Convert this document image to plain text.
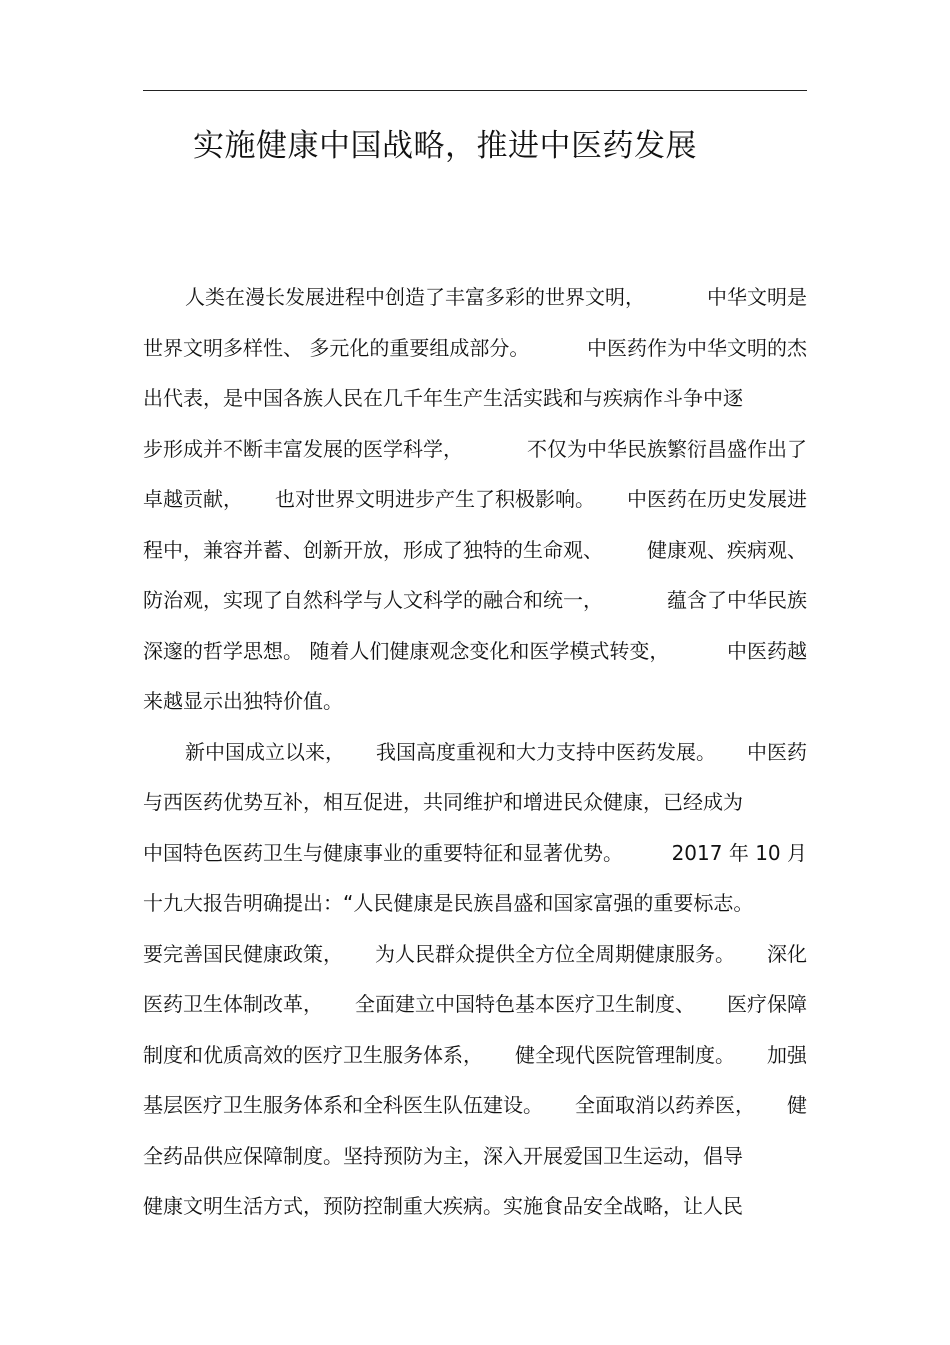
实施健康中国战略，推进中医药发展
人类在漫长发展进程中创造了丰富多彩的世界文明，	中华文明是
世界文明多样性、 多元化的重要组成部分。	中医药作为中华文明的杰
出代表，是中国各族人民在几千年生产生活实践和与疾病作斗争中逐
步形成并不断丰富发展的医学科学，	不仅为中华民族繁衍昌盛作出了
卓越贡献， 也对世界文明进步产生了积极影响。 中医药在历史发展进
程中，兼容并蓄、创新开放，形成了独特的生命观、 健康观、疾病观、
防治观，实现了自然科学与人文科学的融合和统一，	蕴含了中华民族
深邃的哲学思想。 随着人们健康观念变化和医学模式转变，	中医药越
来越显示出独特价值。
新中国成立以来， 我国高度重视和大力支持中医药发展。 中医药
与西医药优势互补，相互促进，共同维护和增进民众健康，已经成为
中国特色医药卫生与健康事业的重要特征和显著优势。 2017 年 10 月
十九大报告明确提出：“人民健康是民族昌盛和国家富强的重要标志。
要完善国民健康政策， 为人民群众提供全方位全周期健康服务。 深化
医药卫生体制改革， 全面建立中国特色基本医疗卫生制度、 医疗保障
制度和优质高效的医疗卫生服务体系， 健全现代医院管理制度。 加强
基层医疗卫生服务体系和全科医生队伍建设。 全面取消以药养医， 健
全药品供应保障制度。坚持预防为主，深入开展爱国卫生运动，倡导
健康文明生活方式，预防控制重大疾病。实施食品安全战略，让人民
